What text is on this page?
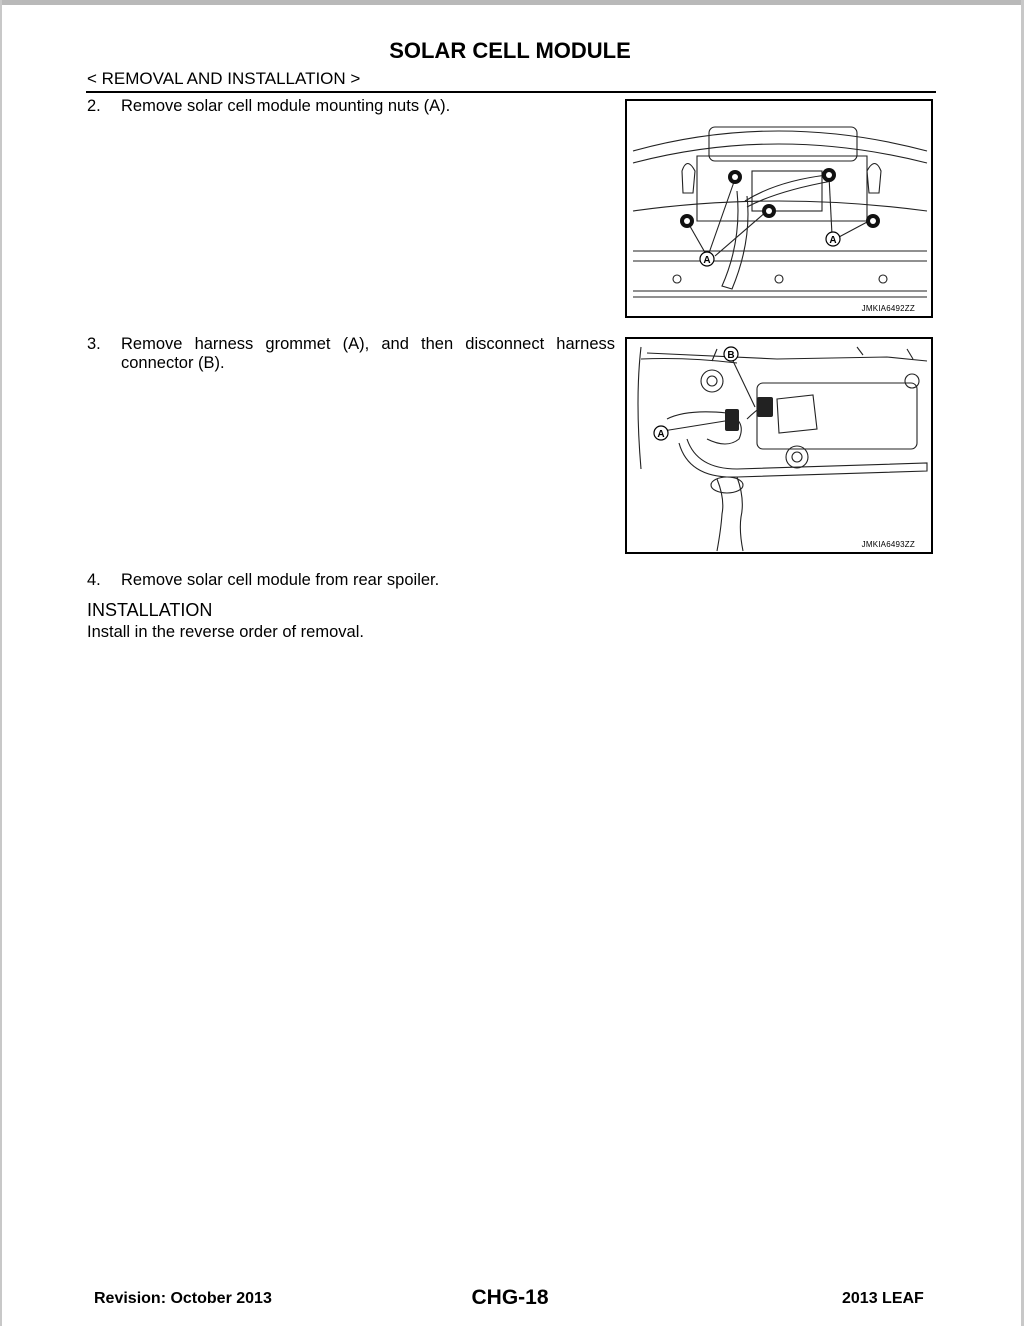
SOLAR CELL MODULE
< REMOVAL AND INSTALLATION >
2. Remove solar cell module mounting nuts (A).
A
A
JMKIA6492ZZ
3. Remove harness grommet (A), and then disconnect harness connector (B).	B
A
JMKIA6493ZZ
4. Remove solar cell module from rear spoiler.
INSTALLATION
Install in the reverse order of removal.
Revision: October 2013	CHG-18	2013 LEAF
